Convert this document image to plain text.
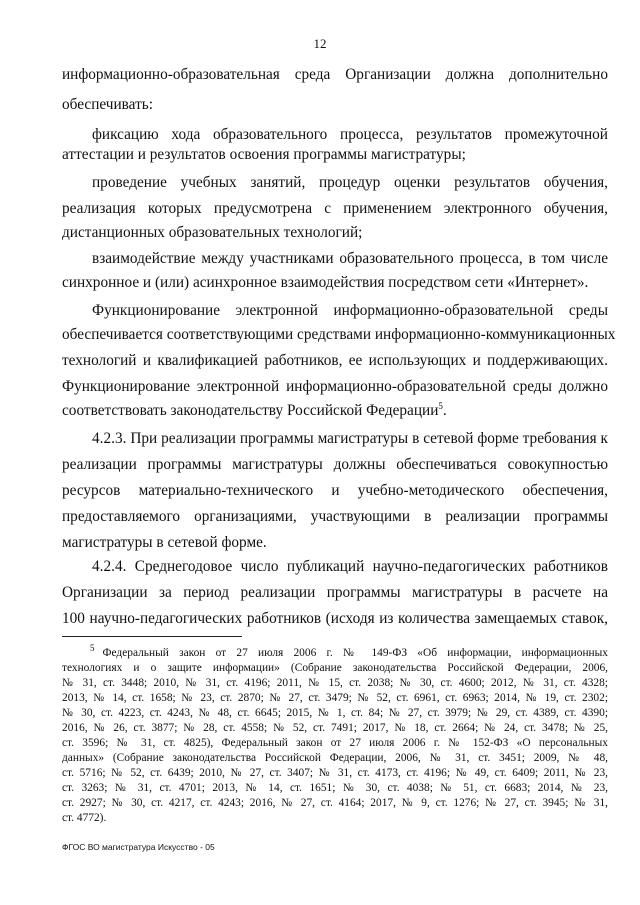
12
информационно-образовательная среда Организации должна дополнительно
обеспечивать:
фиксацию хода образовательного процесса, результатов промежуточной
аттестации и результатов освоения программы магистратуры;
проведение учебных занятий, процедур оценки результатов обучения,
реализация которых предусмотрена с применением электронного обучения,
дистанционных образовательных технологий;
взаимодействие между участниками образовательного процесса, в том числе
синхронное и (или) асинхронное взаимодействия посредством сети «Интернет».
Функционирование электронной информационно-образовательной среды
обеспечивается соответствующими средствами информационно-коммуникационных
технологий и квалификацией работников, ее использующих и поддерживающих.
Функционирование электронной информационно-образовательной среды должно
соответствовать законодательству Российской Федерации$^5$.
4.2.3. При реализации программы магистратуры в сетевой форме требования к
реализации программы магистратуры должны обеспечиваться совокупностью
ресурсов материально-технического и учебно-методического обеспечения,
предоставляемого организациями, участвующими в реализации программы
магистратуры в сетевой форме.
4.2.4. Среднегодовое число публикаций научно-педагогических работников
Организации за период реализации программы магистратуры в расчете на
100 научно-педагогических работников (исходя из количества замещаемых ставок,
$^5$ Федеральный закон от 27 июля 2006 г. № 149-ФЗ «Об информации, информационных
технологиях и о защите информации» (Собрание законодательства Российской Федерации, 2006,
№ 31, ст. 3448; 2010, № 31, ст. 4196; 2011, № 15, ст. 2038; № 30, ст. 4600; 2012, № 31, ст. 4328;
2013, № 14, ст. 1658; № 23, ст. 2870; № 27, ст. 3479; № 52, ст. 6961, ст. 6963; 2014, № 19, ст. 2302;
№ 30, ст. 4223, ст. 4243, № 48, ст. 6645; 2015, № 1, ст. 84; № 27, ст. 3979; № 29, ст. 4389, ст. 4390;
2016, № 26, ст. 3877; № 28, ст. 4558; № 52, ст. 7491; 2017, № 18, ст. 2664; № 24, ст. 3478; № 25,
ст. 3596; № 31, ст. 4825), Федеральный закон от 27 июля 2006 г. № 152-ФЗ «О персональных
данных» (Собрание законодательства Российской Федерации, 2006, № 31, ст. 3451; 2009, № 48,
ст. 5716; № 52, ст. 6439; 2010, № 27, ст. 3407; № 31, ст. 4173, ст. 4196; № 49, ст. 6409; 2011, № 23,
ст. 3263; № 31, ст. 4701; 2013, № 14, ст. 1651; № 30, ст. 4038; № 51, ст. 6683; 2014, № 23,
ст. 2927; № 30, ст. 4217, ст. 4243; 2016, № 27, ст. 4164; 2017, № 9, ст. 1276; № 27, ст. 3945; № 31,
ст. 4772).
ФГОС ВО магистратура Искусство - 05
